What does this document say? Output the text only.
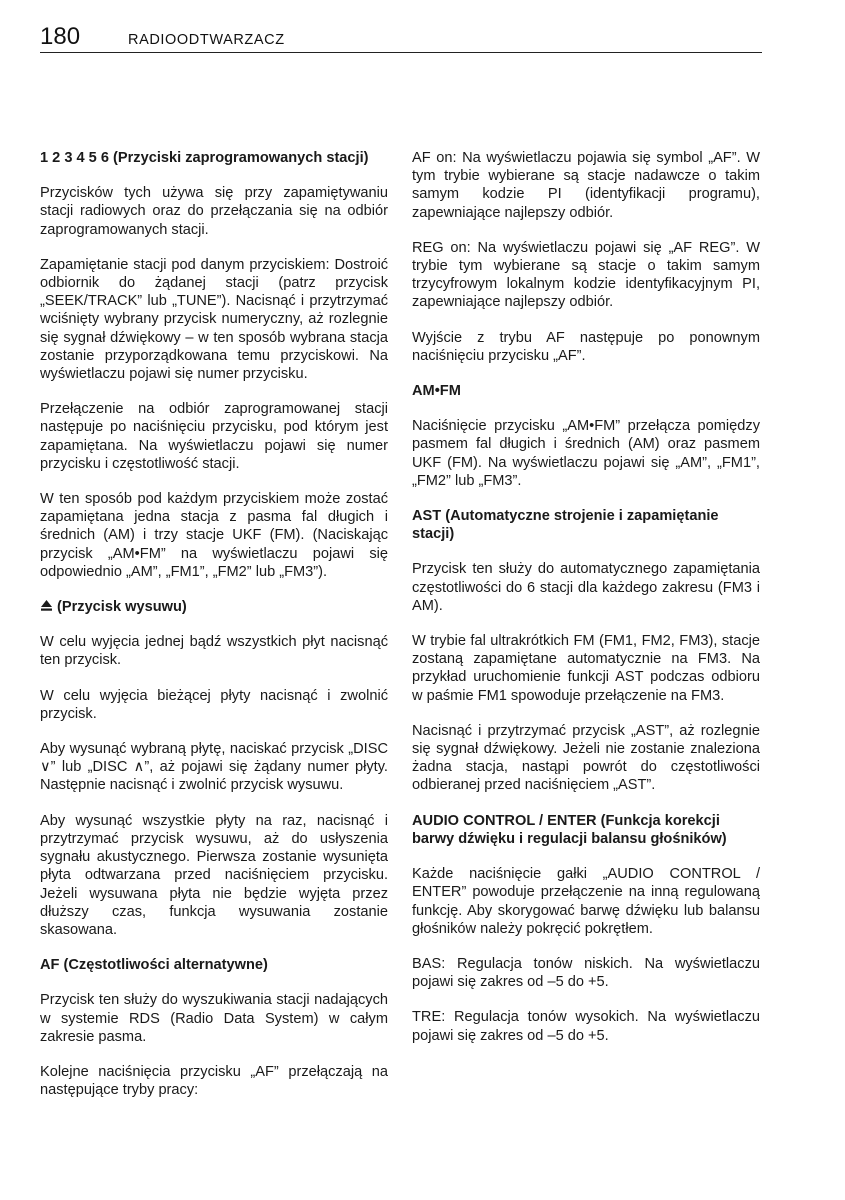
180	RADIOODTWARZACZ
1 2 3 4 5 6 (Przyciski zaprogramowanych stacji)
Przycisków tych używa się przy zapamiętywaniu stacji radiowych oraz do przełączania się na odbiór zaprogramowanych stacji.
Zapamiętanie stacji pod danym przyciskiem: Dostroić odbiornik do żądanej stacji (patrz przycisk „SEEK/TRACK” lub „TUNE”). Nacisnąć i przytrzymać wciśnięty wybrany przycisk numeryczny, aż rozlegnie się sygnał dźwiękowy – w ten sposób wybrana stacja zostanie przyporządkowana temu przyciskowi. Na wyświetlaczu pojawi się numer przycisku.
Przełączenie na odbiór zaprogramowanej stacji następuje po naciśnięciu przycisku, pod którym jest zapamiętana. Na wyświetlaczu pojawi się numer przycisku i częstotliwość stacji.
W ten sposób pod każdym przyciskiem może zostać zapamiętana jedna stacja z pasma fal długich i średnich (AM) i trzy stacje UKF (FM). (Naciskając przycisk „AM•FM” na wyświetlaczu pojawi się odpowiednio „AM”, „FM1”, „FM2” lub „FM3”).
(Przycisk wysuwu)
W celu wyjęcia jednej bądź wszystkich płyt nacisnąć ten przycisk.
W celu wyjęcia bieżącej płyty nacisnąć i zwolnić przycisk.
Aby wysunąć wybraną płytę, naciskać przycisk „DISC ∨” lub „DISC ∧”, aż pojawi się żądany numer płyty. Następnie nacisnąć i zwolnić przycisk wysuwu.
Aby wysunąć wszystkie płyty na raz, nacisnąć i przytrzymać przycisk wysuwu, aż do usłyszenia sygnału akustycznego. Pierwsza zostanie wysunięta płyta odtwarzana przed naciśnięciem przycisku. Jeżeli wysuwana płyta nie będzie wyjęta przez dłuższy czas, funkcja wysuwania zostanie skasowana.
AF (Częstotliwości alternatywne)
Przycisk ten służy do wyszukiwania stacji nadających w systemie RDS (Radio Data System) w całym zakresie pasma.
Kolejne naciśnięcia przycisku „AF” przełączają na następujące tryby pracy:
AF on: Na wyświetlaczu pojawia się symbol „AF”. W tym trybie wybierane są stacje nadawcze o takim samym kodzie PI (identyfikacji programu), zapewniające najlepszy odbiór.
REG on: Na wyświetlaczu pojawi się „AF REG”. W trybie tym wybierane są stacje o takim samym trzycyfrowym lokalnym kodzie identyfikacyjnym PI, zapewniające najlepszy odbiór.
Wyjście z trybu AF następuje po ponownym naciśnięciu przycisku „AF”.
AM•FM
Naciśnięcie przycisku „AM•FM” przełącza pomiędzy pasmem fal długich i średnich (AM) oraz pasmem UKF (FM). Na wyświetlaczu pojawi się „AM”, „FM1”, „FM2” lub „FM3”.
AST (Automatyczne strojenie i zapamiętanie stacji)
Przycisk ten służy do automatycznego zapamiętania częstotliwości do 6 stacji dla każdego zakresu (FM3 i AM).
W trybie fal ultrakrótkich FM (FM1, FM2, FM3), stacje zostaną zapamiętane automatycznie na FM3. Na przykład uruchomienie funkcji AST podczas odbioru w paśmie FM1 spowoduje przełączenie na FM3.
Nacisnąć i przytrzymać przycisk „AST”, aż rozlegnie się sygnał dźwiękowy. Jeżeli nie zostanie znaleziona żadna stacja, nastąpi powrót do częstotliwości odbieranej przed naciśnięciem „AST”.
AUDIO CONTROL / ENTER (Funkcja korekcji barwy dźwięku i regulacji balansu głośników)
Każde naciśnięcie gałki „AUDIO CONTROL / ENTER” powoduje przełączenie na inną regulowaną funkcję. Aby skorygować barwę dźwięku lub balansu głośników należy pokręcić pokrętłem.
BAS: Regulacja tonów niskich. Na wyświetlaczu pojawi się zakres od –5 do +5.
TRE: Regulacja tonów wysokich. Na wyświetlaczu pojawi się zakres od –5 do +5.
